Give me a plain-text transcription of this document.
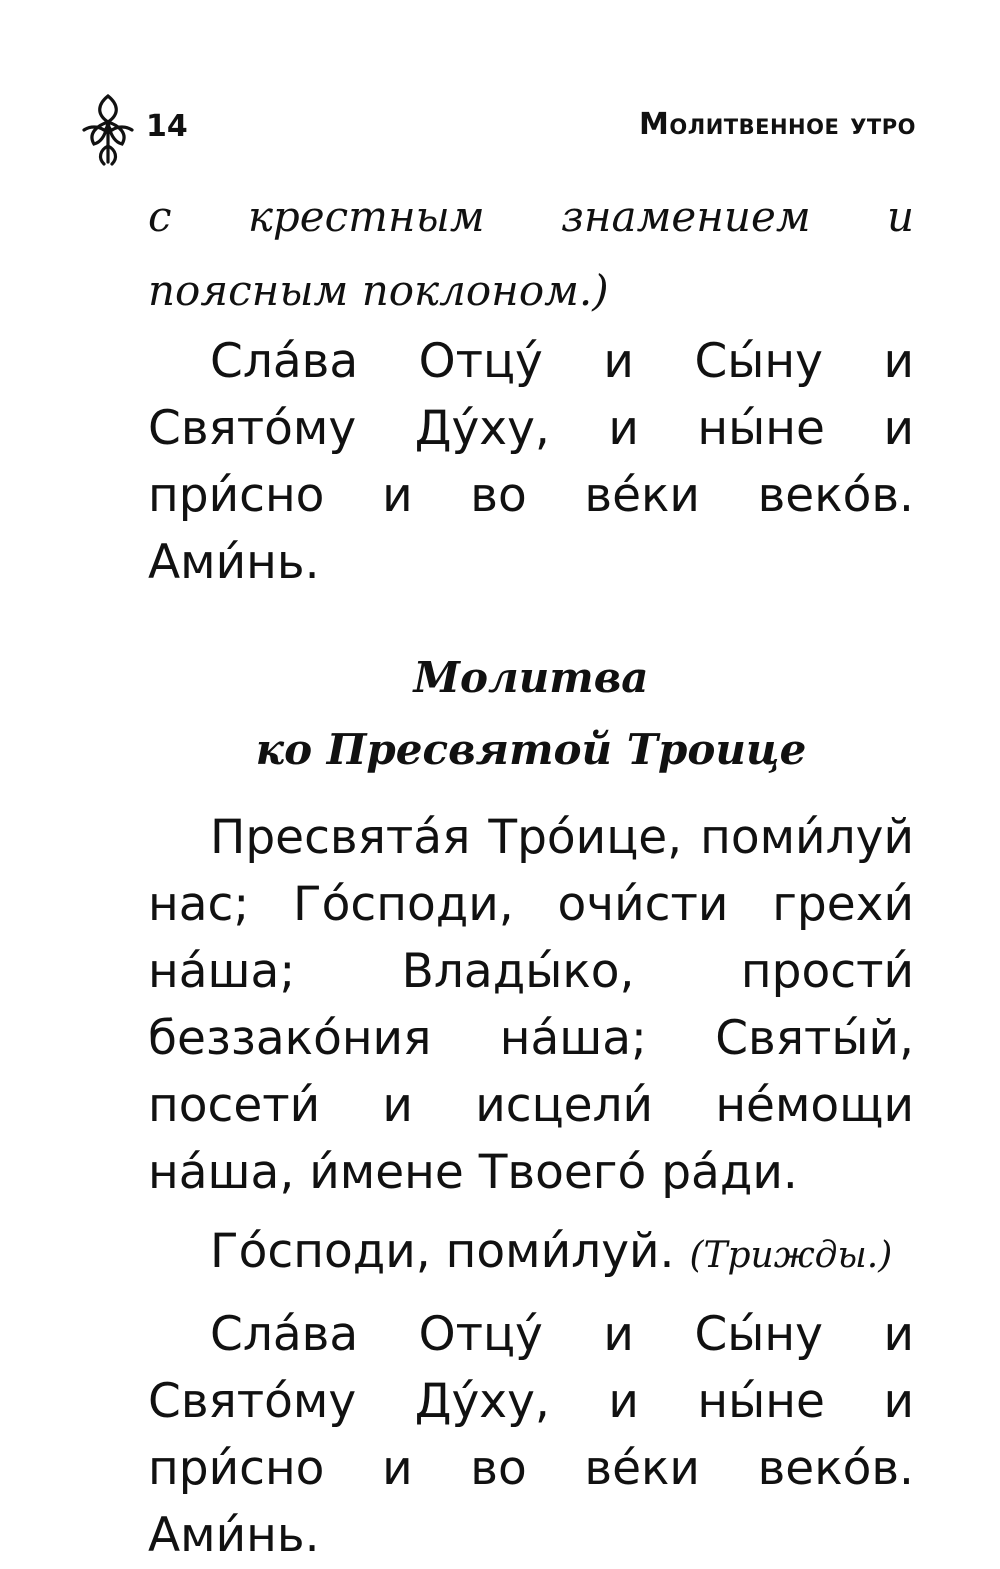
14	Молитвенное утро

с крестным знамением и поясным поклоном.)

Сла́ва Отцу́ и Сы́ну и Свято́му Ду́ху, и ны́не и при́сно и во ве́ки веко́в. Ами́нь.

Молитва
ко Пресвятой Троице

Пресвята́я Тро́ице, поми́луй нас; Го́споди, очи́сти грехи́ на́ша; Влады́ко, прости́ беззако́ния на́ша; Святы́й, посети́ и исцели́ не́мощи на́ша, и́мене Твоего́ ра́ди.

Го́споди, поми́луй. (Трижды.)

Сла́ва Отцу́ и Сы́ну и Свято́му Ду́ху, и ны́не и при́сно и во ве́ки веко́в. Ами́нь.
